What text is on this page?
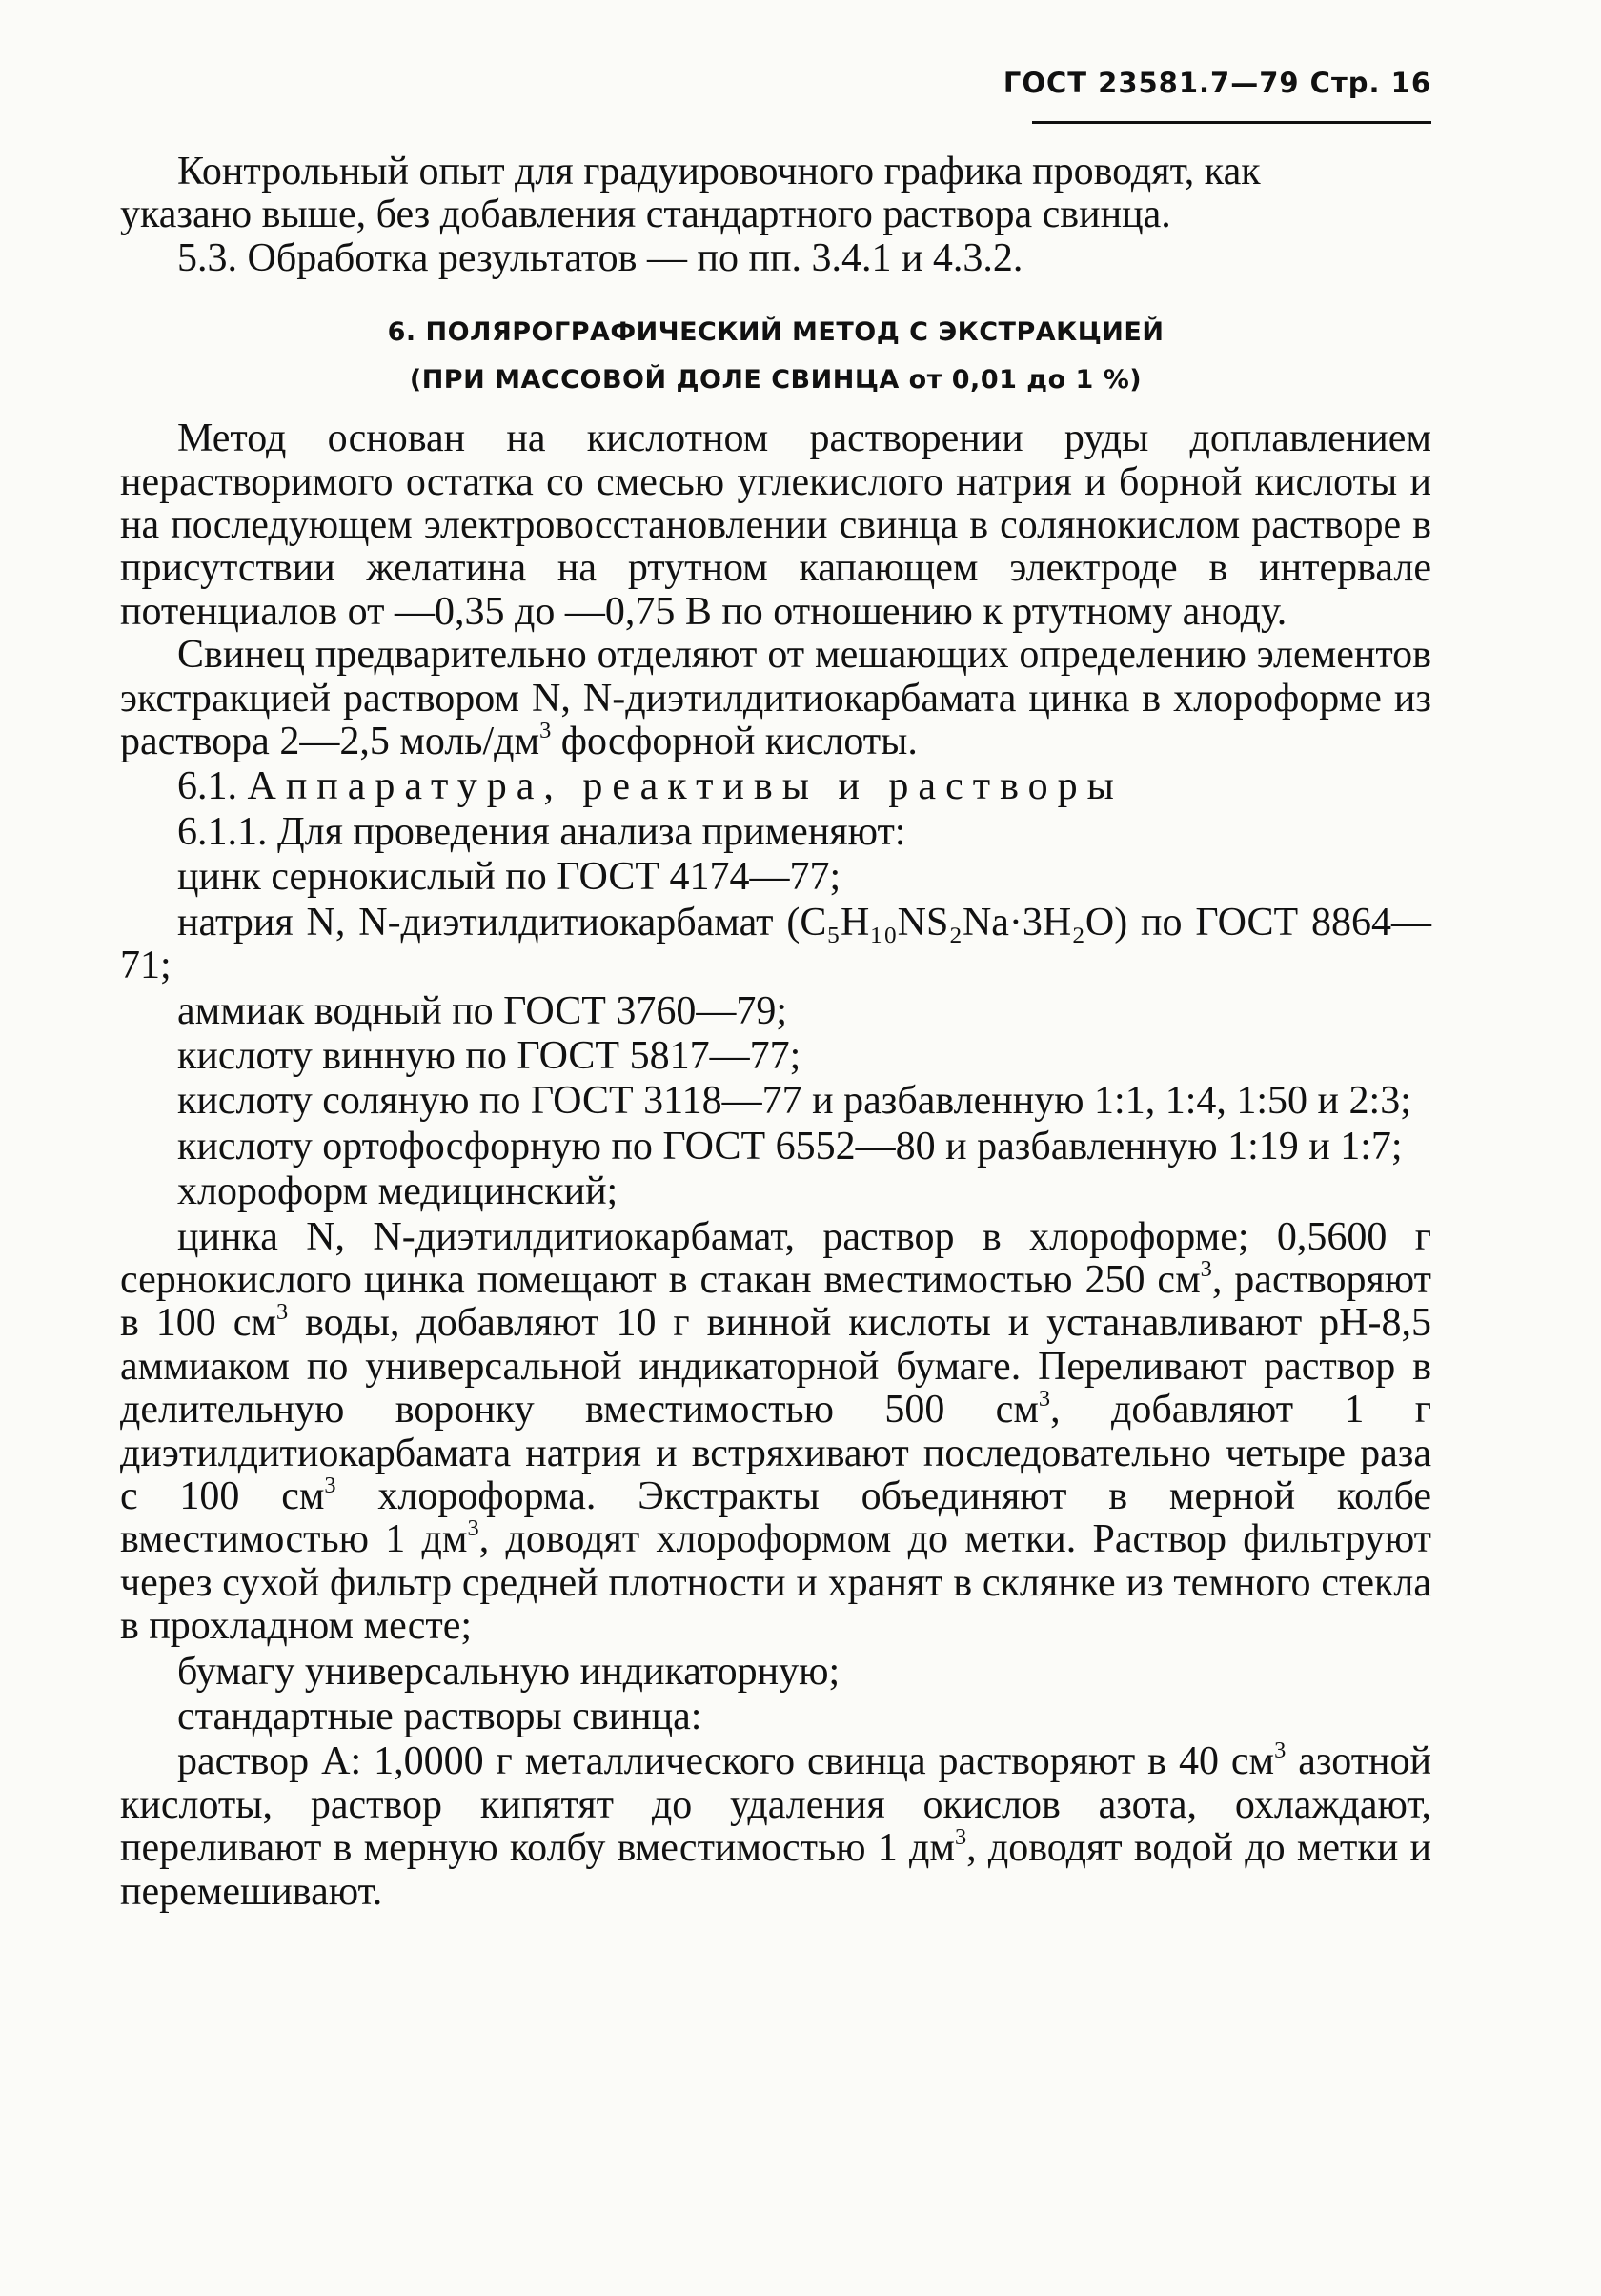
ГОСТ 23581.7—79 Стр. 16

Контрольный опыт для градуировочного графика проводят, как

указано выше, без добавления стандартного раствора свинца.

5.3. Обработка результатов — по пп. 3.4.1 и 4.3.2.

6. ПОЛЯРОГРАФИЧЕСКИЙ МЕТОД С ЭКСТРАКЦИЕЙ
(ПРИ МАССОВОЙ ДОЛЕ СВИНЦА от 0,01 до 1 %)

Метод основан на кислотном растворении руды доплавлением нерастворимого остатка со смесью углекислого натрия и борной кислоты и на последующем электровосстановлении свинца в солянокислом растворе в присутствии желатина на ртутном капающем электроде в интервале потенциалов от —0,35 до —0,75 В по отношению к ртутному аноду.

Свинец предварительно отделяют от мешающих определению элементов экстракцией раствором N, N-диэтилдитиокарбамата цинка в хлороформе из раствора 2—2,5 моль/$дм^3$ фосфорной кислоты.

6.1. Аппаратура, реактивы и растворы

6.1.1. Для проведения анализа применяют:

цинк сернокислый по ГОСТ 4174—77;

натрия N, N-диэтилдитиокарбамат (C₅H₁₀NS₂Na·3H₂O) по ГОСТ 8864—71;

аммиак водный по ГОСТ 3760—79;

кислоту винную по ГОСТ 5817—77;

кислоту соляную по ГОСТ 3118—77 и разбавленную 1:1, 1:4, 1:50 и 2:3;

кислоту ортофосфорную по ГОСТ 6552—80 и разбавленную 1:19 и 1:7;

хлороформ медицинский;

цинка N, N-диэтилдитиокарбамат, раствор в хлороформе; 0,5600 г сернокислого цинка помещают в стакан вместимостью 250 $см^3$, растворяют в 100 $см^3$ воды, добавляют 10 г винной кислоты и устанавливают pH-8,5 аммиаком по универсальной индикаторной бумаге. Переливают раствор в делительную воронку вместимостью 500 $см^3$, добавляют 1 г диэтилдитиокарбамата натрия и встряхивают последовательно четыре раза с 100 $см^3$ хлороформа. Экстракты объединяют в мерной колбе вместимостью 1 $дм^3$, доводят хлороформом до метки. Раствор фильтруют через сухой фильтр средней плотности и хранят в склянке из темного стекла в прохладном месте;

бумагу универсальную индикаторную;

стандартные растворы свинца:

раствор А: 1,0000 г металлического свинца растворяют в 40 $см^3$ азотной кислоты, раствор кипятят до удаления окислов азота, охлаждают, переливают в мерную колбу вместимостью 1 $дм^3$, доводят водой до метки и перемешивают.
